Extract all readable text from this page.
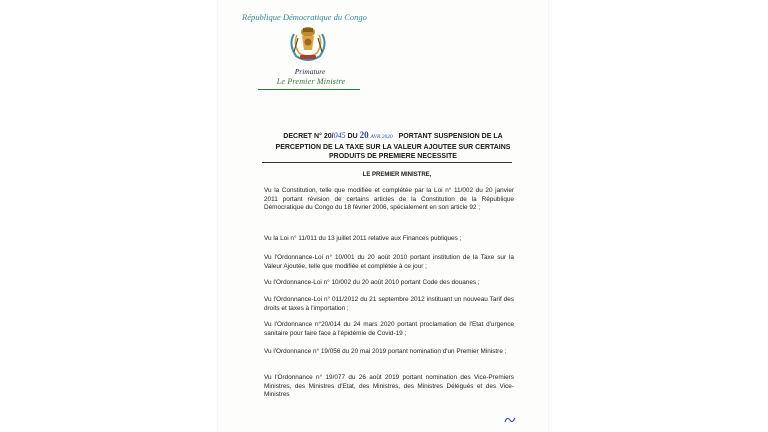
République Démocratique du Congo
Primature
Le Premier Ministre
DECRET N° 20/045 DU 20 AVR 2020 PORTANT SUSPENSION DE LA
PERCEPTION DE LA TAXE SUR LA VALEUR AJOUTEE SUR CERTAINS
PRODUITS DE PREMIERE NECESSITE
LE PREMIER MINISTRE,
Vu la Constitution, telle que modifiée et complétée par la Loi n° 11/002 du 20 janvier 2011 portant révision de certains articles de la Constitution de la République Démocratique du Congo du 18 février 2006, spécialement en son article 92 ;
Vu la Loi n° 11/011 du 13 juillet 2011 relative aux Finances publiques ;
Vu l'Ordonnance-Loi n° 10/001 du 20 août 2010 portant institution de la Taxe sur la Valeur Ajoutée, telle que modifiée et complétée à ce jour ;
Vu l'Ordonnance-Loi n° 10/002 du 20 août 2010 portant Code des douanes ;
Vu l'Ordonnance-Loi n° 011/2012 du 21 septembre 2012 instituant un nouveau Tarif des droits et taxes à l'importation ;
Vu l'Ordonnance n°20/014 du 24 mars 2020 portant proclamation de l'Etat d'urgence sanitaire pour faire face à l'épidémie de Covid-19 ;
Vu l'Ordonnance n° 19/056 du 20 mai 2019 portant nomination d'un Premier Ministre ;
Vu l'Ordonnance n° 19/077 du 26 août 2019 portant nomination des Vice-Premiers Ministres, des Ministres d'Etat, des Ministres, des Ministres Délégués et des Vice-Ministres
